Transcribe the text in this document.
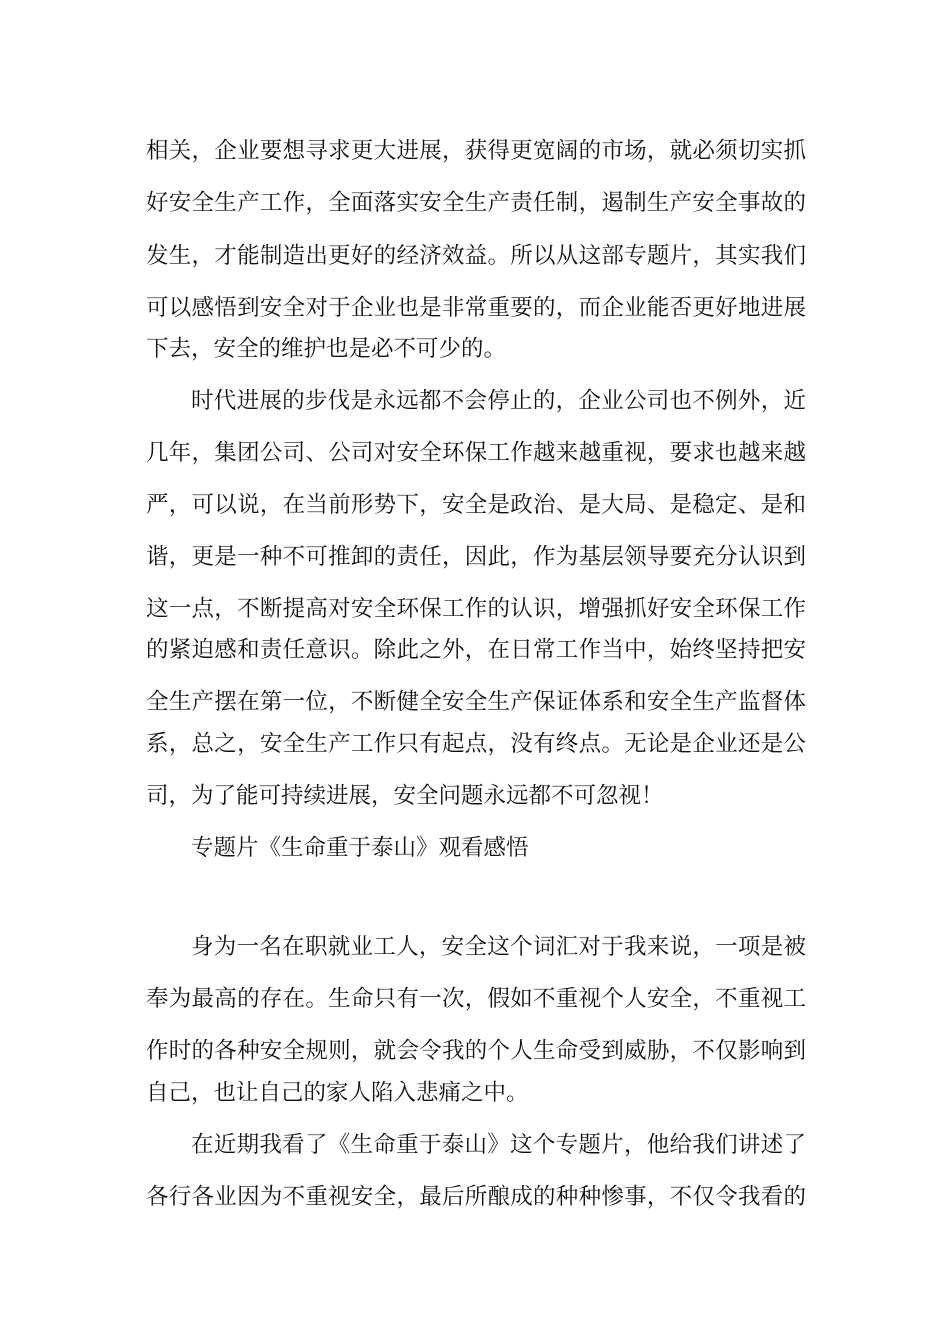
相关，企业要想寻求更大进展，获得更宽阔的市场，就必须切实抓
好安全生产工作，全面落实安全生产责任制，遏制生产安全事故的
发生，才能制造出更好的经济效益。所以从这部专题片，其实我们
可以感悟到安全对于企业也是非常重要的，而企业能否更好地进展
下去，安全的维护也是必不可少的。
时代进展的步伐是永远都不会停止的，企业公司也不例外，近
几年，集团公司、公司对安全环保工作越来越重视，要求也越来越
严，可以说，在当前形势下，安全是政治、是大局、是稳定、是和
谐，更是一种不可推卸的责任，因此，作为基层领导要充分认识到
这一点，不断提高对安全环保工作的认识，增强抓好安全环保工作
的紧迫感和责任意识。除此之外，在日常工作当中，始终坚持把安
全生产摆在第一位，不断健全安全生产保证体系和安全生产监督体
系，总之，安全生产工作只有起点，没有终点。无论是企业还是公
司，为了能可持续进展，安全问题永远都不可忽视！
专题片《生命重于泰山》观看感悟
身为一名在职就业工人，安全这个词汇对于我来说，一项是被
奉为最高的存在。生命只有一次，假如不重视个人安全，不重视工
作时的各种安全规则，就会令我的个人生命受到威胁，不仅影响到
自己，也让自己的家人陷入悲痛之中。
在近期我看了《生命重于泰山》这个专题片，他给我们讲述了
各行各业因为不重视安全，最后所酿成的种种惨事，不仅令我看的
